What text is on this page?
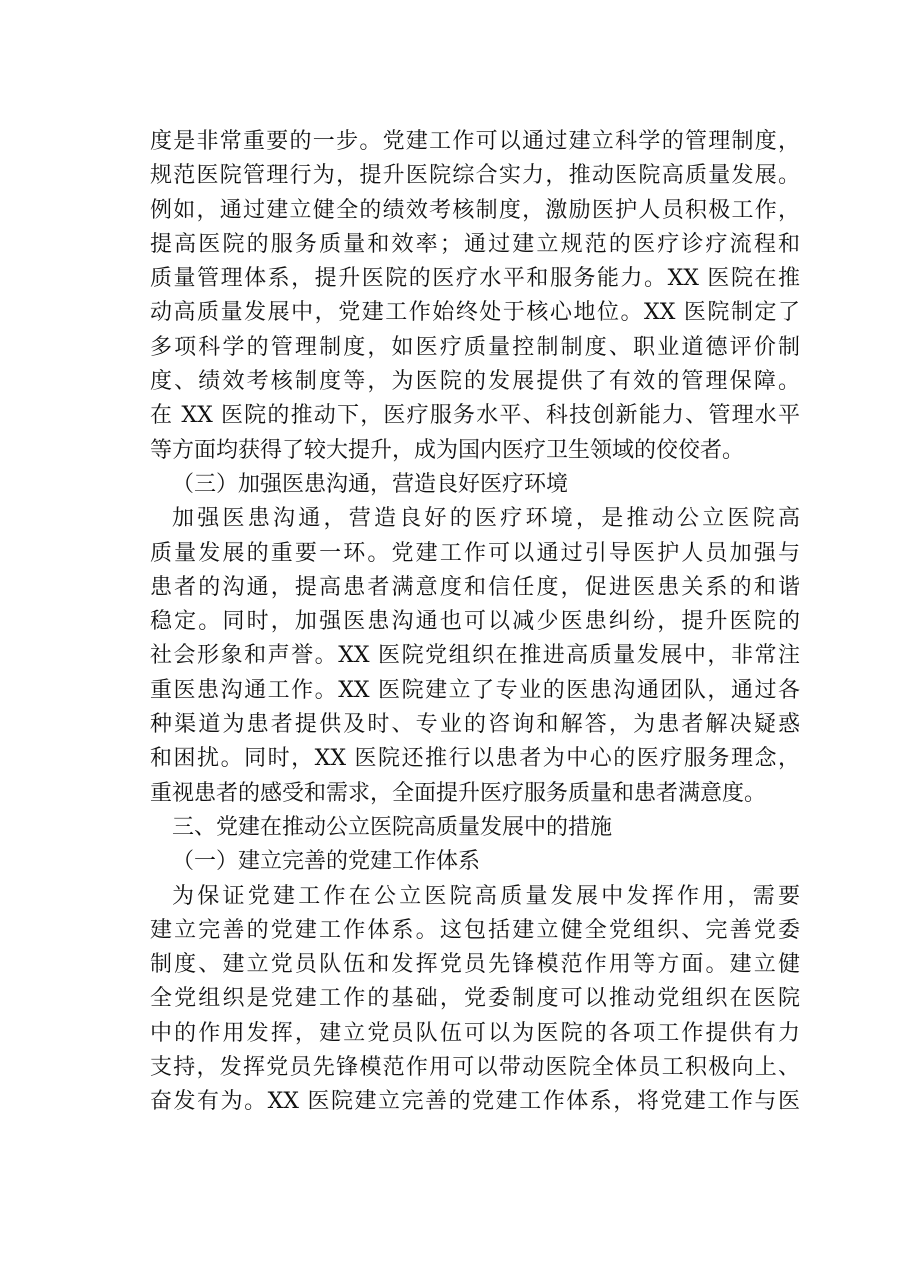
度是非常重要的一步。党建工作可以通过建立科学的管理制度，
规范医院管理行为，提升医院综合实力，推动医院高质量发展。
例如，通过建立健全的绩效考核制度，激励医护人员积极工作，
提高医院的服务质量和效率；通过建立规范的医疗诊疗流程和
质量管理体系，提升医院的医疗水平和服务能力。XX 医院在推
动高质量发展中，党建工作始终处于核心地位。XX 医院制定了
多项科学的管理制度，如医疗质量控制制度、职业道德评价制
度、绩效考核制度等，为医院的发展提供了有效的管理保障。
在 XX 医院的推动下，医疗服务水平、科技创新能力、管理水平
等方面均获得了较大提升，成为国内医疗卫生领域的佼佼者。
（三）加强医患沟通，营造良好医疗环境
加强医患沟通，营造良好的医疗环境，是推动公立医院高
质量发展的重要一环。党建工作可以通过引导医护人员加强与
患者的沟通，提高患者满意度和信任度，促进医患关系的和谐
稳定。同时，加强医患沟通也可以减少医患纠纷，提升医院的
社会形象和声誉。XX 医院党组织在推进高质量发展中，非常注
重医患沟通工作。XX 医院建立了专业的医患沟通团队，通过各
种渠道为患者提供及时、专业的咨询和解答，为患者解决疑惑
和困扰。同时，XX 医院还推行以患者为中心的医疗服务理念，
重视患者的感受和需求，全面提升医疗服务质量和患者满意度。
三、党建在推动公立医院高质量发展中的措施
（一）建立完善的党建工作体系
为保证党建工作在公立医院高质量发展中发挥作用，需要
建立完善的党建工作体系。这包括建立健全党组织、完善党委
制度、建立党员队伍和发挥党员先锋模范作用等方面。建立健
全党组织是党建工作的基础，党委制度可以推动党组织在医院
中的作用发挥，建立党员队伍可以为医院的各项工作提供有力
支持，发挥党员先锋模范作用可以带动医院全体员工积极向上、
奋发有为。XX 医院建立完善的党建工作体系，将党建工作与医
